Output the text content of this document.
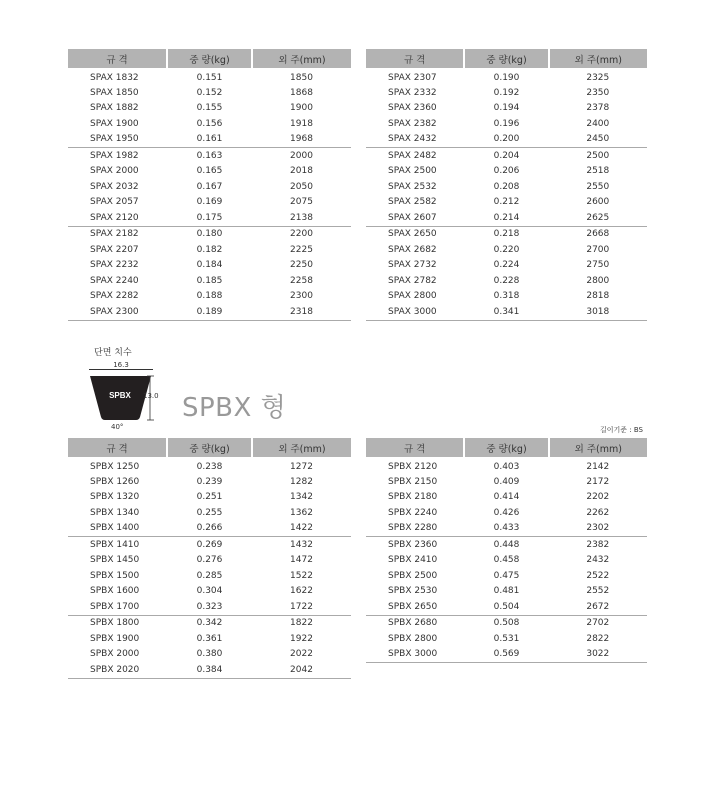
규 격	중 량(kg)	외 주(mm)
SPAX 1832	0.151	1850
SPAX 1850	0.152	1868
SPAX 1882	0.155	1900
SPAX 1900	0.156	1918
SPAX 1950	0.161	1968
SPAX 1982	0.163	2000
SPAX 2000	0.165	2018
SPAX 2032	0.167	2050
SPAX 2057	0.169	2075
SPAX 2120	0.175	2138
SPAX 2182	0.180	2200
SPAX 2207	0.182	2225
SPAX 2232	0.184	2250
SPAX 2240	0.185	2258
SPAX 2282	0.188	2300
SPAX 2300	0.189	2318
규 격	중 량(kg)	외 주(mm)
SPAX 2307	0.190	2325
SPAX 2332	0.192	2350
SPAX 2360	0.194	2378
SPAX 2382	0.196	2400
SPAX 2432	0.200	2450
SPAX 2482	0.204	2500
SPAX 2500	0.206	2518
SPAX 2532	0.208	2550
SPAX 2582	0.212	2600
SPAX 2607	0.214	2625
SPAX 2650	0.218	2668
SPAX 2682	0.220	2700
SPAX 2732	0.224	2750
SPAX 2782	0.228	2800
SPAX 2800	0.318	2818
SPAX 3000	0.341	3018
단면 치수
16.3
SPBX 13.0
40°
SPBX 형
길이기준 : BS
규 격	중 량(kg)	외 주(mm)
SPBX 1250	0.238	1272
SPBX 1260	0.239	1282
SPBX 1320	0.251	1342
SPBX 1340	0.255	1362
SPBX 1400	0.266	1422
SPBX 1410	0.269	1432
SPBX 1450	0.276	1472
SPBX 1500	0.285	1522
SPBX 1600	0.304	1622
SPBX 1700	0.323	1722
SPBX 1800	0.342	1822
SPBX 1900	0.361	1922
SPBX 2000	0.380	2022
SPBX 2020	0.384	2042
규 격	중 량(kg)	외 주(mm)
SPBX 2120	0.403	2142
SPBX 2150	0.409	2172
SPBX 2180	0.414	2202
SPBX 2240	0.426	2262
SPBX 2280	0.433	2302
SPBX 2360	0.448	2382
SPBX 2410	0.458	2432
SPBX 2500	0.475	2522
SPBX 2530	0.481	2552
SPBX 2650	0.504	2672
SPBX 2680	0.508	2702
SPBX 2800	0.531	2822
SPBX 3000	0.569	3022
